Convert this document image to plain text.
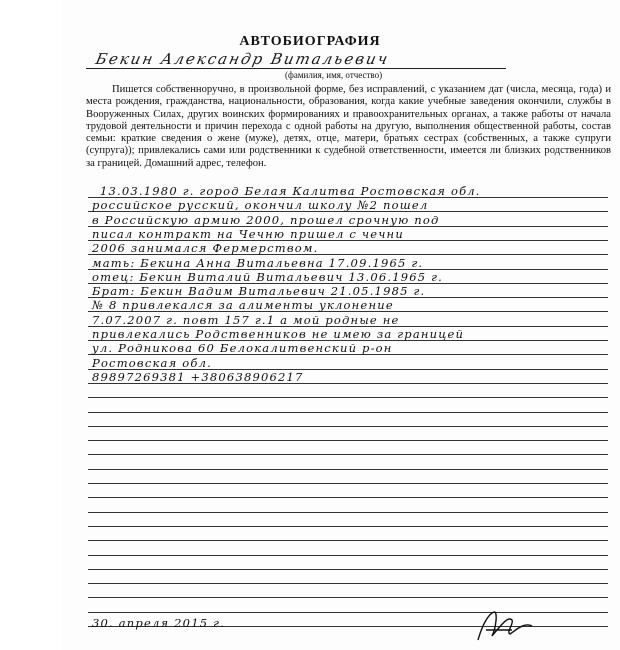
АВТОБИОГРАФИЯ
Бекин Александр Витальевич
(фамилия, имя, отчество)
Пишется собственноручно, в произвольной форме, без исправлений, с указанием дат (числа, месяца, года) и места рождения, гражданства, национальности, образования, когда какие учебные заведения окончили, службы в Вооруженных Силах, других воинских формированиях и правоохранительных органах, а также работы от начала трудовой деятельности и причин перехода с одной работы на другую, выполнения общественной работы, состав семьи: краткие сведения о жене (муже), детях, отце, матери, братьях сестрах (собственных, а также супруги (супруга)); привлекались сами или родственники к судебной ответственности, имеется ли близких родственников за границей. Домашний адрес, телефон.
13.03.1980 г. город Белая Калитва Ростовская обл.
российское русский, окончил школу №2 пошел
в Российскую армию 2000, прошел срочную под
писал контракт на Чечню пришел с чечни
2006 занимался Фермерством.
мать: Бекина Анна Витальевна 17.09.1965 г.
отец: Бекин Виталий Витальевич 13.06.1965 г.
Брат: Бекин Вадим Витальевич 21.05.1985 г.
№ 8 привлекался за алименты уклонение
7.07.2007 г. повт 157 г.1 а мой родные не
привлекались Родственников не имею за границей
ул. Родникова 60 Белокалитвенский р-он
Ростовская обл.
89897269381 +380638906217
30. апреля 2015 г.
